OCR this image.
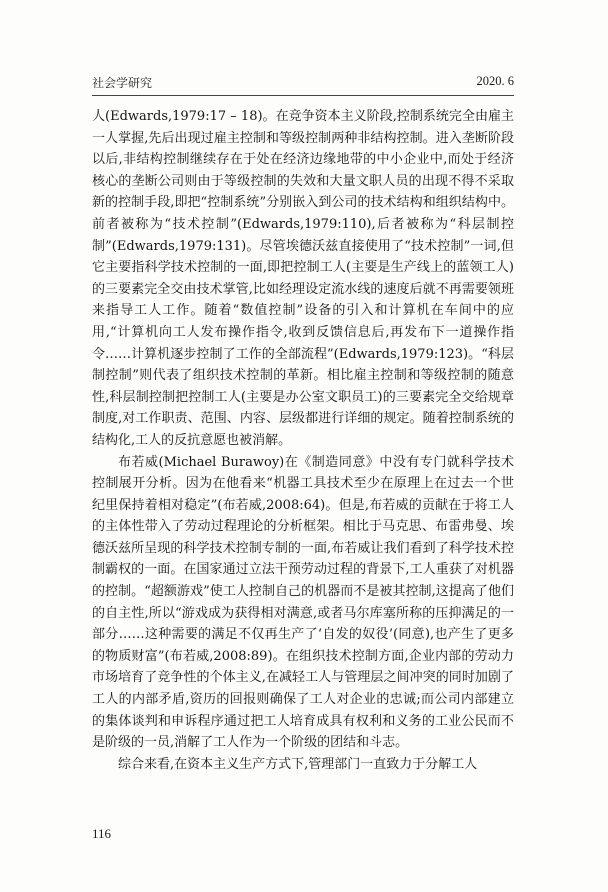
社会学研究	2020. 6

人(Edwards,1979:17 – 18)。在竞争资本主义阶段,控制系统完全由雇主一人掌握,先后出现过雇主控制和等级控制两种非结构控制。进入垄断阶段以后,非结构控制继续存在于处在经济边缘地带的中小企业中,而处于经济核心的垄断公司则由于等级控制的失效和大量文职人员的出现不得不采取新的控制手段,即把“控制系统”分别嵌入到公司的技术结构和组织结构中。前者被称为“技术控制”(Edwards,1979:110),后者被称为“科层制控制”(Edwards,1979:131)。尽管埃德沃兹直接使用了“技术控制”一词,但它主要指科学技术控制的一面,即把控制工人(主要是生产线上的蓝领工人)的三要素完全交由技术掌管,比如经理设定流水线的速度后就不再需要领班来指导工人工作。随着“数值控制”设备的引入和计算机在车间中的应用,“计算机向工人发布操作指令,收到反馈信息后,再发布下一道操作指令……计算机逐步控制了工作的全部流程”(Edwards,1979:123)。“科层制控制”则代表了组织技术控制的革新。相比雇主控制和等级控制的随意性,科层制控制把控制工人(主要是办公室文职员工)的三要素完全交给规章制度,对工作职责、范围、内容、层级都进行详细的规定。随着控制系统的结构化,工人的反抗意愿也被消解。

布若威(Michael Burawoy)在《制造同意》中没有专门就科学技术控制展开分析。因为在他看来“机器工具技术至少在原理上在过去一个世纪里保持着相对稳定”(布若威,2008:64)。但是,布若威的贡献在于将工人的主体性带入了劳动过程理论的分析框架。相比于马克思、布雷弗曼、埃德沃兹所呈现的科学技术控制专制的一面,布若威让我们看到了科学技术控制霸权的一面。在国家通过立法干预劳动过程的背景下,工人重获了对机器的控制。“超额游戏”使工人控制自己的机器而不是被其控制,这提高了他们的自主性,所以“游戏成为获得相对满意,或者马尔库塞所称的压抑满足的一部分……这种需要的满足不仅再生产了‘自发的奴役’(同意),也产生了更多的物质财富”(布若威,2008:89)。在组织技术控制方面,企业内部的劳动力市场培育了竞争性的个体主义,在减轻工人与管理层之间冲突的同时加剧了工人的内部矛盾,资历的回报则确保了工人对企业的忠诚;而公司内部建立的集体谈判和申诉程序通过把工人培育成具有权利和义务的工业公民而不是阶级的一员,消解了工人作为一个阶级的团结和斗志。

综合来看,在资本主义生产方式下,管理部门一直致力于分解工人

116
